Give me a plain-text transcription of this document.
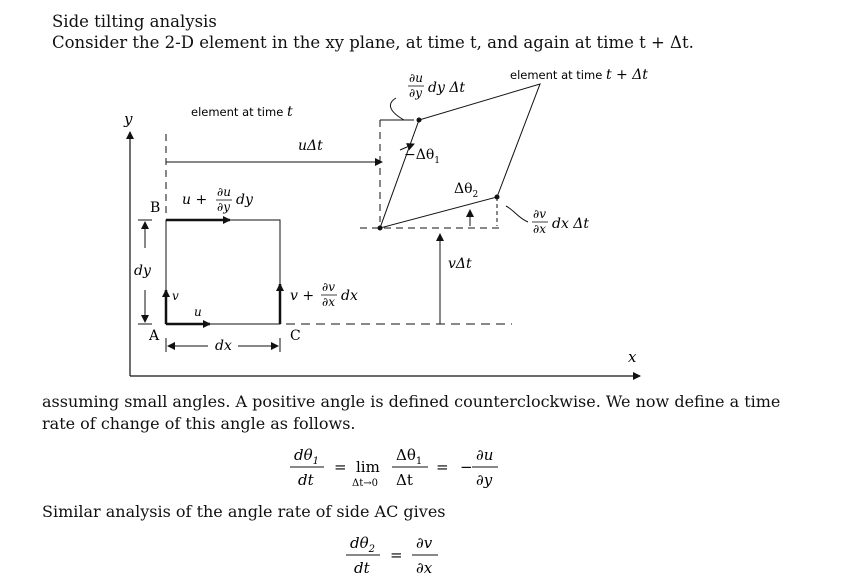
Side tilting analysis
Consider the 2-D element in the xy plane, at time t, and again at time t + Δt.
y
x
element at time t
element at time t + Δt
uΔt
vΔt
∂u
∂y dy Δt
$-\Delta\theta_1$
$\Delta\theta_2$
∂v
∂x dx Δt
u + ∂u
∂y dy
v +
∂v
∂x dx
dy
dx
u
v
A
B
C
assuming small angles. A positive angle is defined counterclockwise. We now define a time
rate of change of this angle as follows.
$d\theta_1$
dt
= lim
Δt→0
$\Delta\theta_1$
Δt
= −
∂u
∂y
Similar analysis of the angle rate of side AC gives
$d\theta_2$
dt
=
∂v
∂x
